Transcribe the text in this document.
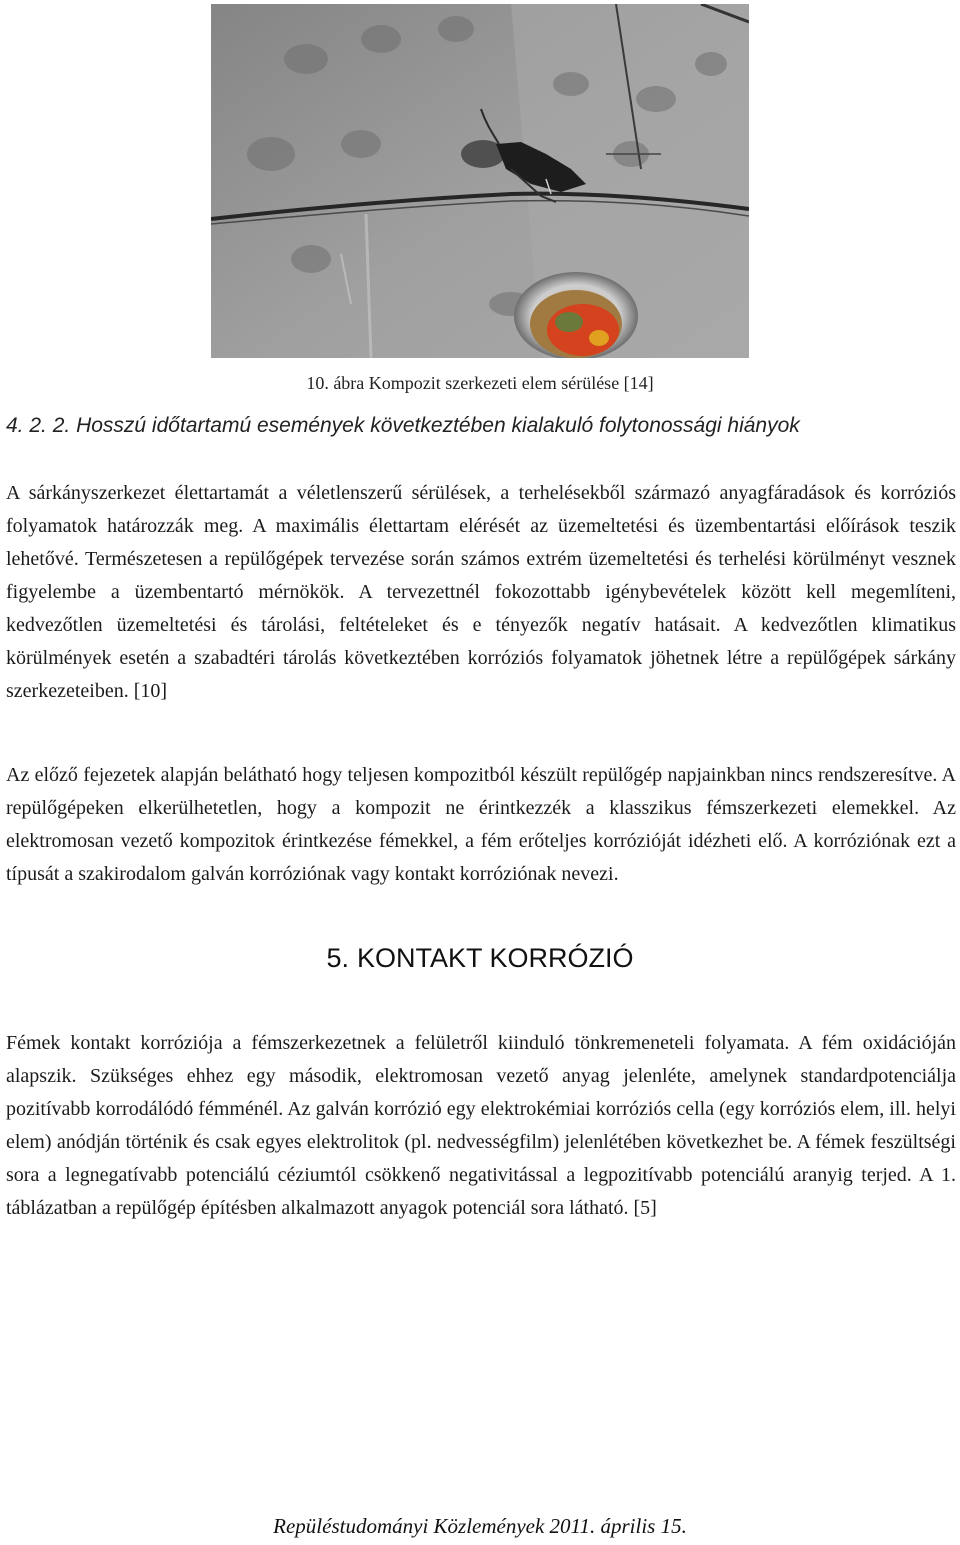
10. ábra Kompozit szerkezeti elem sérülése [14]
4. 2. 2. Hosszú időtartamú események következtében kialakuló folytonossági hiányok

A sárkányszerkezet élettartamát a véletlenszerű sérülések, a terhelésekből származó anyagfáradások és korróziós folyamatok határozzák meg. A maximális élettartam elérését az üzemeltetési és üzembentartási előírások teszik lehetővé. Természetesen a repülőgépek tervezése során számos extrém üzemeltetési és terhelési körülményt vesznek figyelembe a üzembentartó mérnökök. A tervezettnél fokozottabb igénybevételek között kell megemlíteni, kedvezőtlen üzemeltetési és tárolási, feltételeket és e tényezők negatív hatásait. A kedvezőtlen klimatikus körülmények esetén a szabadtéri tárolás következtében korróziós folyamatok jöhetnek létre a repülőgépek sárkány szerkezeteiben. [10]

Az előző fejezetek alapján belátható hogy teljesen kompozitból készült repülőgép napjainkban nincs rendszeresítve. A repülőgépeken elkerülhetetlen, hogy a kompozit ne érintkezzék a klasszikus fémszerkezeti elemekkel. Az elektromosan vezető kompozitok érintkezése fémekkel, a fém erőteljes korrózióját idézheti elő. A korróziónak ezt a típusát a szakirodalom galván korróziónak vagy kontakt korróziónak nevezi.

5. KONTAKT KORRÓZIÓ

Fémek kontakt korróziója a fémszerkezetnek a felületről kiinduló tönkremeneteli folyamata. A fém oxidációján alapszik. Szükséges ehhez egy második, elektromosan vezető anyag jelenléte, amelynek standardpotenciálja pozitívabb korrodálódó fémménél. Az galván korrózió egy elektrokémiai korróziós cella (egy korróziós elem, ill. helyi elem) anódján történik és csak egyes elektrolitok (pl. nedvességfilm) jelenlétében következhet be. A fémek feszültségi sora a legnegatívabb potenciálú céziumtól csökkenő negativitással a legpozitívabb potenciálú aranyig terjed. A 1. táblázatban a repülőgép építésben alkalmazott anyagok potenciál sora látható. [5]

Repüléstudományi Közlemények 2011. április 15.
